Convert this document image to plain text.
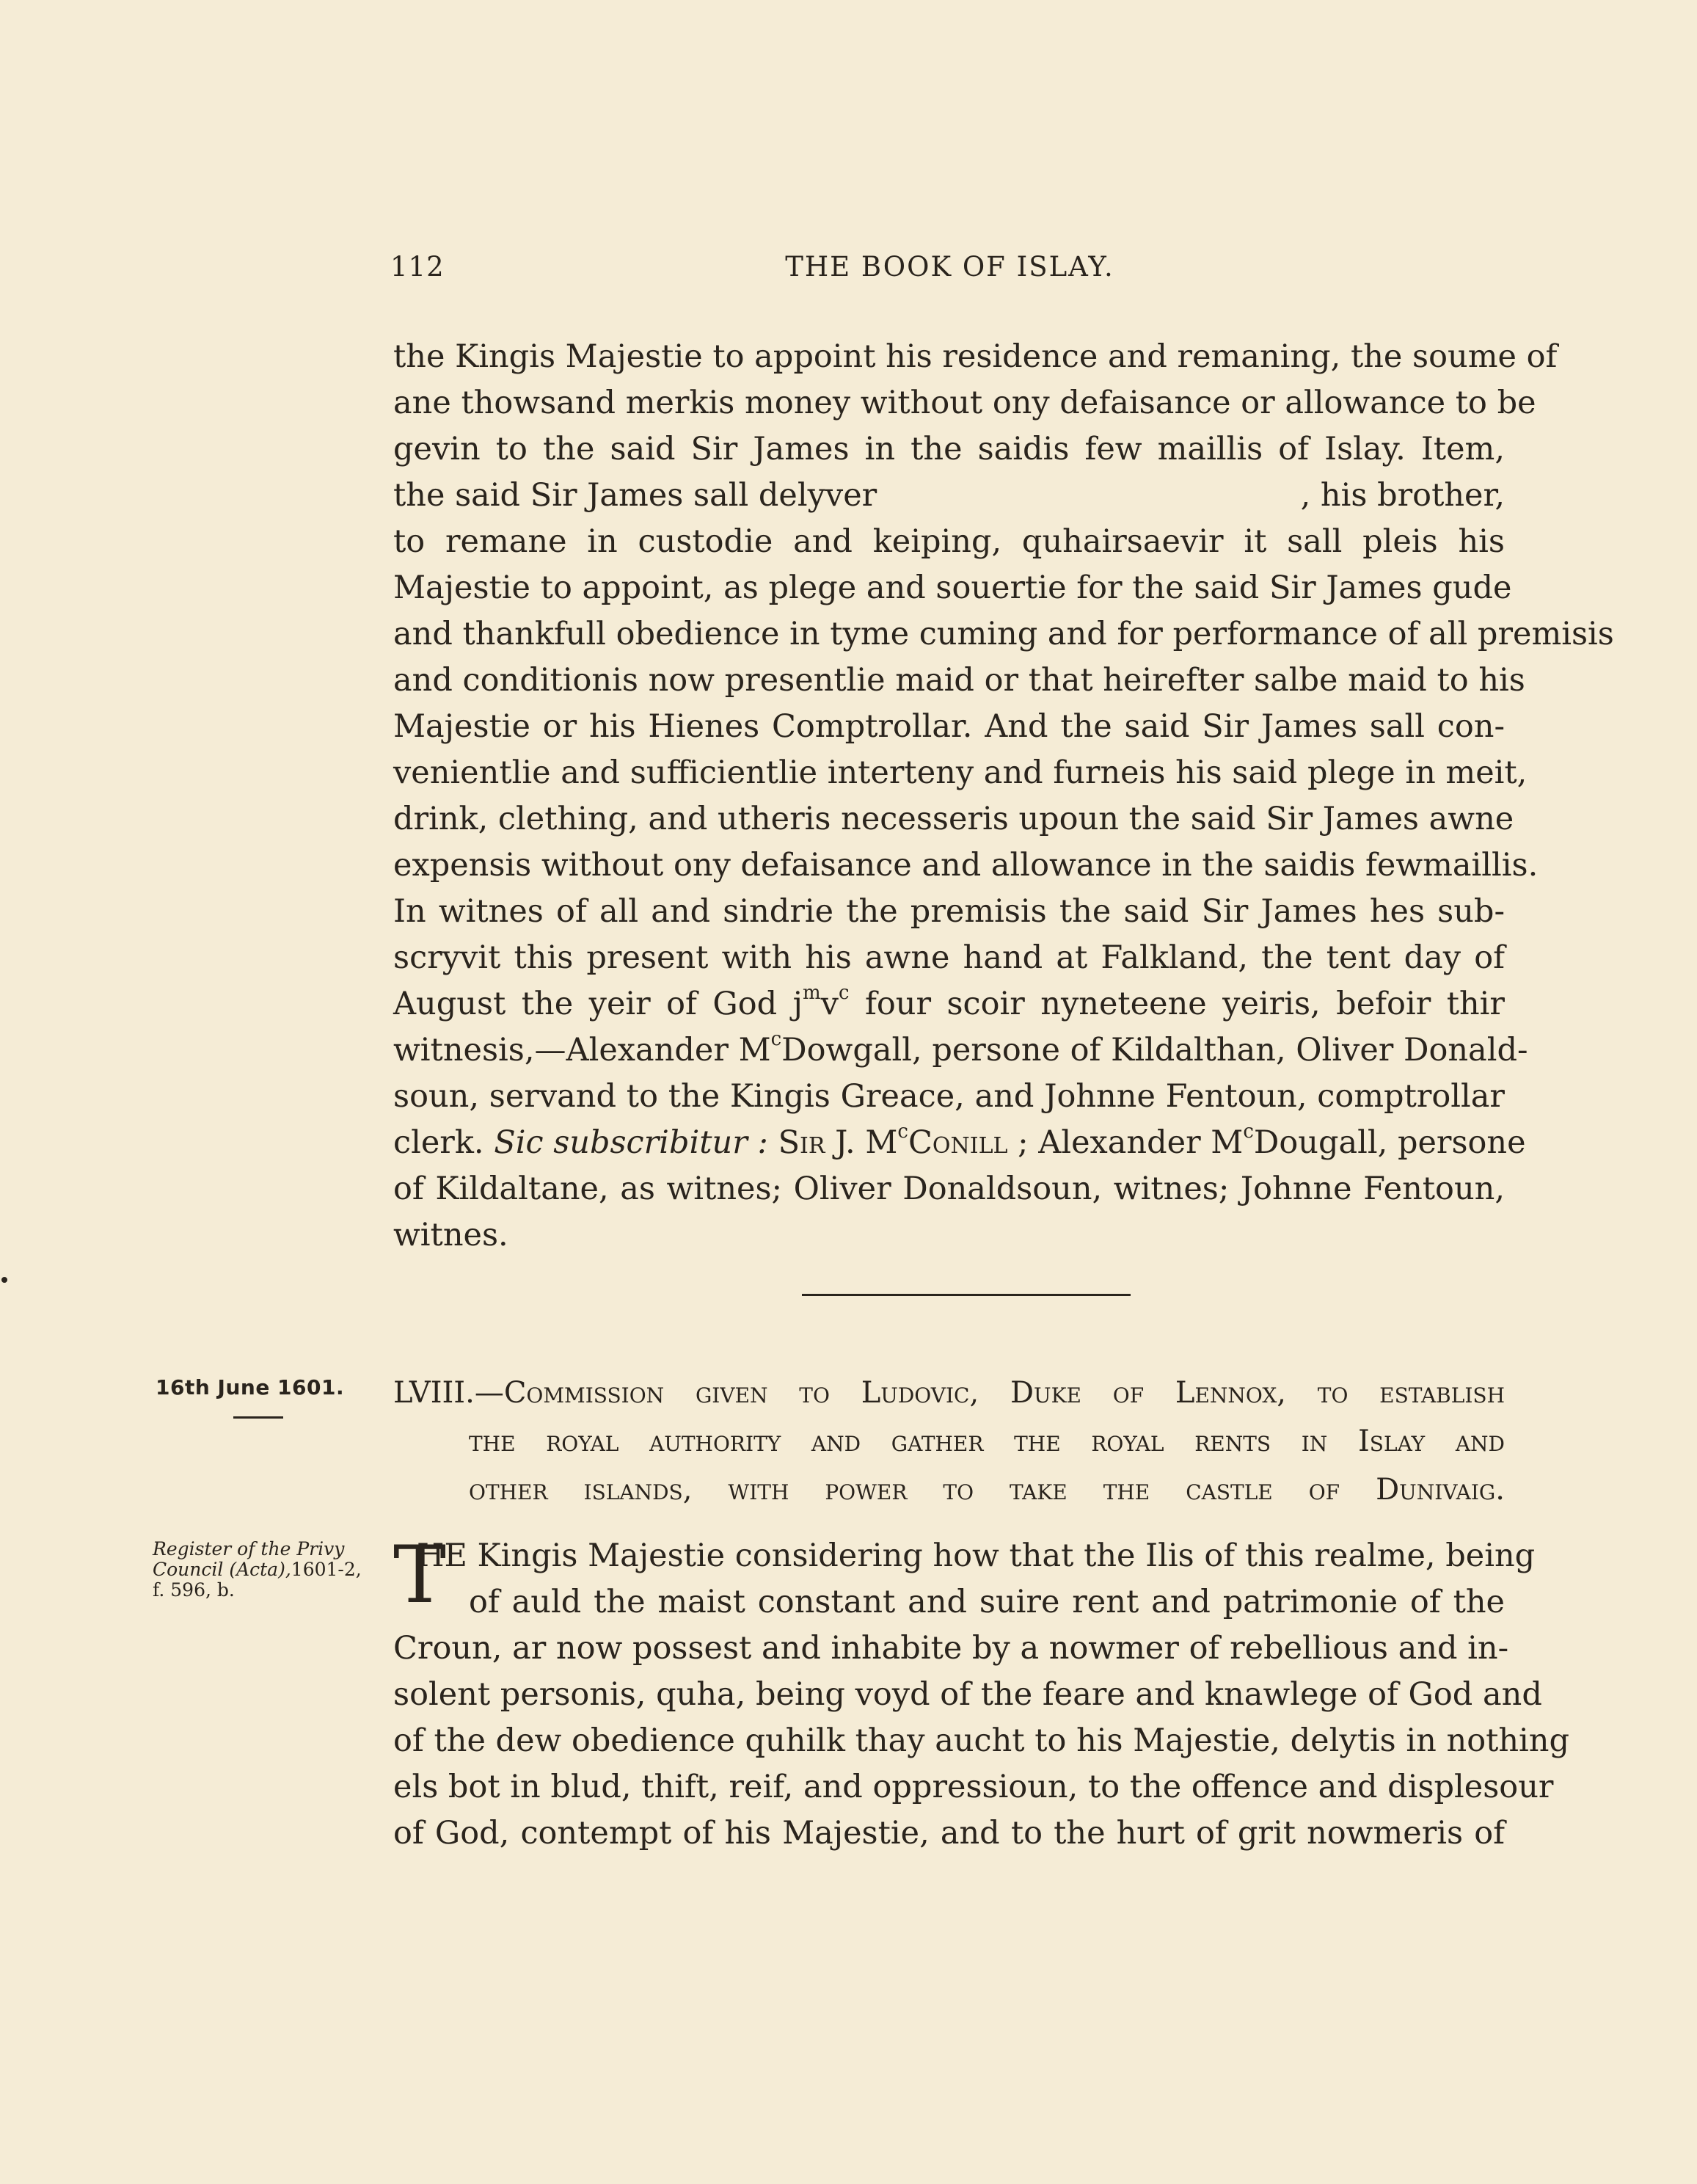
112	THE BOOK OF ISLAY.
the Kingis Majestie to appoint his residence and remaning, the soume of
ane thowsand merkis money without ony defaisance or allowance to be
gevin to the said Sir James in the saidis few maillis of Islay. Item,
the said Sir James sall delyver	, his brother,
to remane in custodie and keiping, quhairsaevir it sall pleis his
Majestie to appoint, as plege and souertie for the said Sir James gude
and thankfull obedience in tyme cuming and for performance of all premisis
and conditionis now presentlie maid or that heirefter salbe maid to his
Majestie or his Hienes Comptrollar. And the said Sir James sall con-
venientlie and sufficientlie interteny and furneis his said plege in meit,
drink, clething, and utheris necesseris upoun the said Sir James awne
expensis without ony defaisance and allowance in the saidis fewmaillis.
In witnes of all and sindrie the premisis the said Sir James hes sub-
scryvit this present with his awne hand at Falkland, the tent day of
August the yeir of God $j^mv^c$ four scoir nyneteene yeiris, befoir thir
witnesis,—Alexander $M^cDowgall$, persone of Kildalthan, Oliver Donald-
soun, servand to the Kingis Greace, and Johnne Fentoun, comptrollar
clerk. Sic subscribitur : Sir J. $M^cConill$ ; Alexander $M^cDougall$, persone
of Kildaltane, as witnes; Oliver Donaldsoun, witnes; Johnne Fentoun,
witnes.
16th June 1601. LVIII.—Commission given to Ludovic, Duke of Lennox, to establish
the royal authority and gather the royal rents in Islay and
other islands, with power to take the castle of Dunivaig.
Register of the Privy
Council (Acta),1601-2,
f. 596, b.	T
HE Kingis Majestie considering how that the Ilis of this realme, being
of auld the maist constant and suire rent and patrimonie of the
Croun, ar now possest and inhabite by a nowmer of rebellious and in-
solent personis, quha, being voyd of the feare and knawlege of God and
of the dew obedience quhilk thay aucht to his Majestie, delytis in nothing
els bot in blud, thift, reif, and oppressioun, to the offence and displesour
of God, contempt of his Majestie, and to the hurt of grit nowmeris of
